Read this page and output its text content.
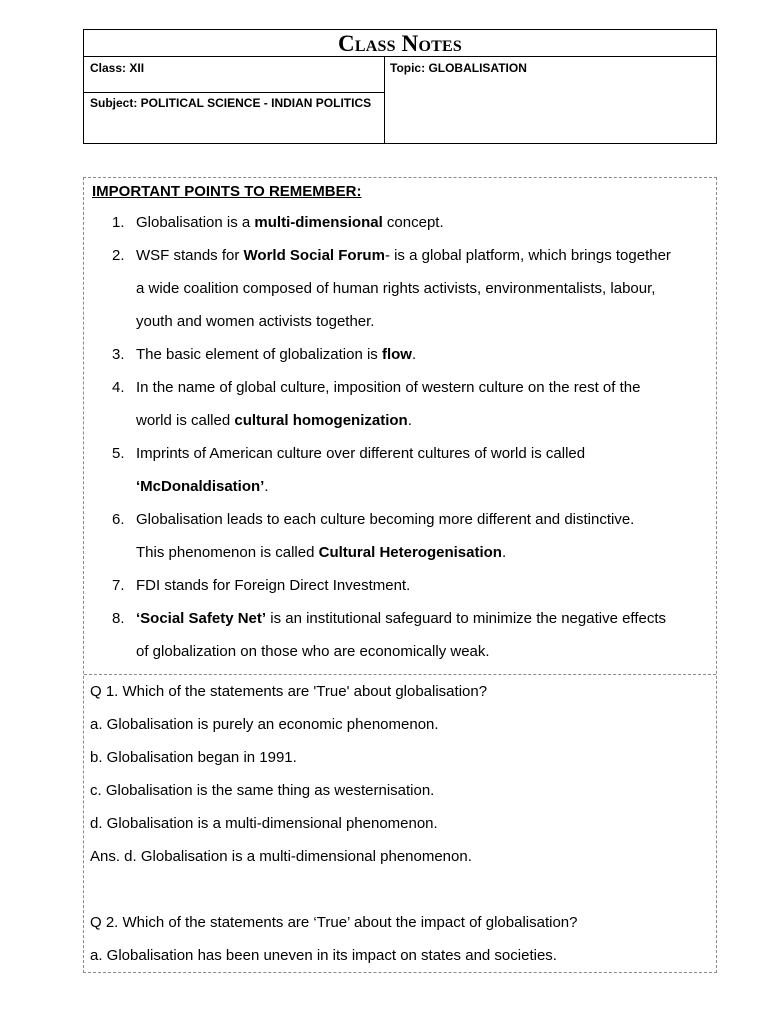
Class Notes
Class: XII	Topic: GLOBALISATION
Subject: POLITICAL SCIENCE - INDIAN POLITICS
IMPORTANT POINTS TO REMEMBER:
1. Globalisation is a multi-dimensional concept.
2. WSF stands for World Social Forum- is a global platform, which brings together
a wide coalition composed of human rights activists, environmentalists, labour,
youth and women activists together.
3. The basic element of globalization is flow.
4. In the name of global culture, imposition of western culture on the rest of the
world is called cultural homogenization.
5. Imprints of American culture over different cultures of world is called
‘McDonaldisation’.
6. Globalisation leads to each culture becoming more different and distinctive.
This phenomenon is called Cultural Heterogenisation.
7. FDI stands for Foreign Direct Investment.
8. ‘Social Safety Net’ is an institutional safeguard to minimize the negative effects
of globalization on those who are economically weak.
Q 1. Which of the statements are 'True' about globalisation?
a. Globalisation is purely an economic phenomenon.
b. Globalisation began in 1991.
c. Globalisation is the same thing as westernisation.
d. Globalisation is a multi-dimensional phenomenon.
Ans. d. Globalisation is a multi-dimensional phenomenon.
Q 2. Which of the statements are ‘True’ about the impact of globalisation?
a. Globalisation has been uneven in its impact on states and societies.
